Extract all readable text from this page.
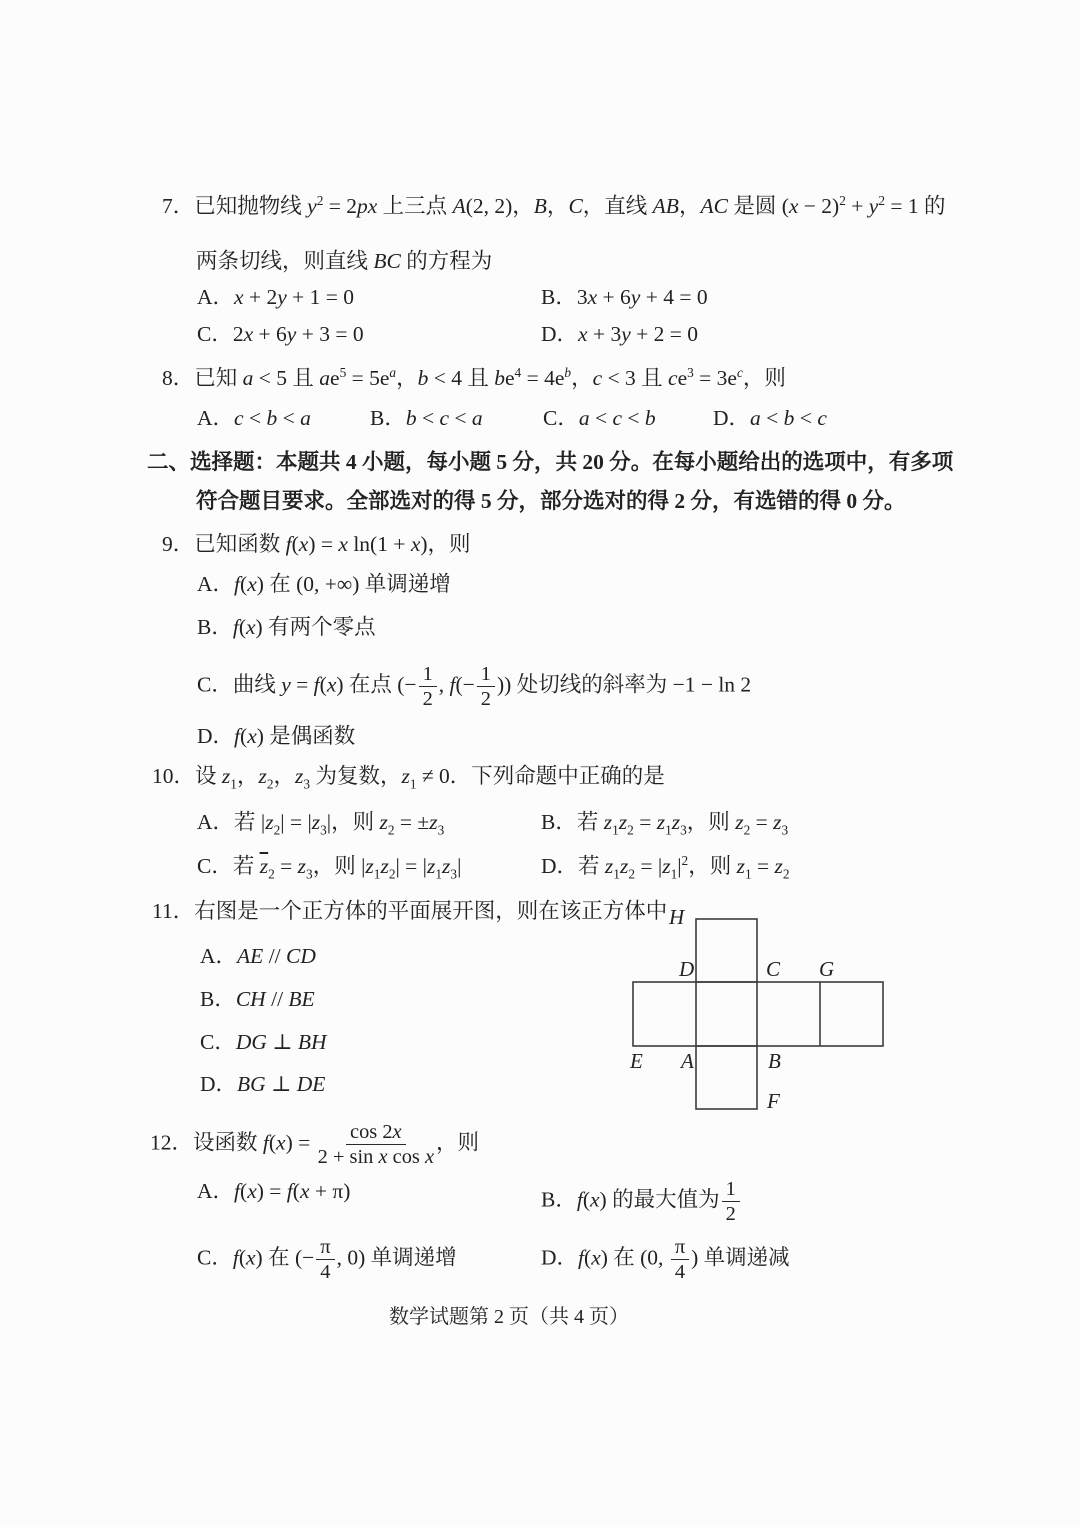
7．已知抛物线 $y^2 = 2px$ 上三点 A(2, 2)，B，C，直线 AB，AC 是圆 $(x - 2)^2 + y^2 = 1$ 的
两条切线，则直线 BC 的方程为
A．x + 2y + 1 = 0	B．3x + 6y + 4 = 0
C．2x + 6y + 3 = 0	D．x + 3y + 2 = 0
8．已知 a < 5 且 $ae^5 = 5e^a$，b < 4 且 $be^4 = 4e^b$，c < 3 且 $ce^3 = 3e^c$，则
A．c < b < a	B．b < c < a	C．a < c < b	D．a < b < c
二、选择题：本题共 4 小题，每小题 5 分，共 20 分。在每小题给出的选项中，有多项
符合题目要求。全部选对的得 5 分，部分选对的得 2 分，有选错的得 0 分。
9．已知函数 f(x) = x ln(1 + x)，则
A．f(x) 在 (0, +∞) 单调递增
B．f(x) 有两个零点
C．曲线 y = f(x) 在点 (− $\frac{1}{2}$ , $f(- \frac{1}{2}$ )) 处切线的斜率为 −1 − ln 2
D．f(x) 是偶函数
10．设 $z_1$，$z_2$，$z_3$ 为复数，$z_1 \ne 0$．下列命题中正确的是
A．若 $|z_2| = |z_3|$，则 $z_2 = \pm z_3$	B．若 $z_1z_2 = z_1z_3$，则 $z_2 = z_3$
C．若 $z_2 = z_3$，则 $|z_1z_2| = |z_1z_3|$	D．若 $z_1z_2 = |z_1|^2$，则 $z_1 = z_2$
11．右图是一个正方体的平面展开图，则在该正方体中
A．AE // CD
B．CH // BE
C．DG ⊥ BH
D．BG ⊥ DE
H
D	C G
E A	B
F
12．设函数 $f(x) = \frac{\cos 2x}{\text{2 + sin x cos x}}$ ，则
A．f(x) = f(x + π)	B．f(x) 的最大值为 $\frac{1}{2}$
C．f(x) 在 (− $\frac{\pi}{4}$ , 0) 单调递增	D．f(x) 在 (0, $\frac{\pi}{4}$ ) 单调递减
数学试题第 2 页（共 4 页）
